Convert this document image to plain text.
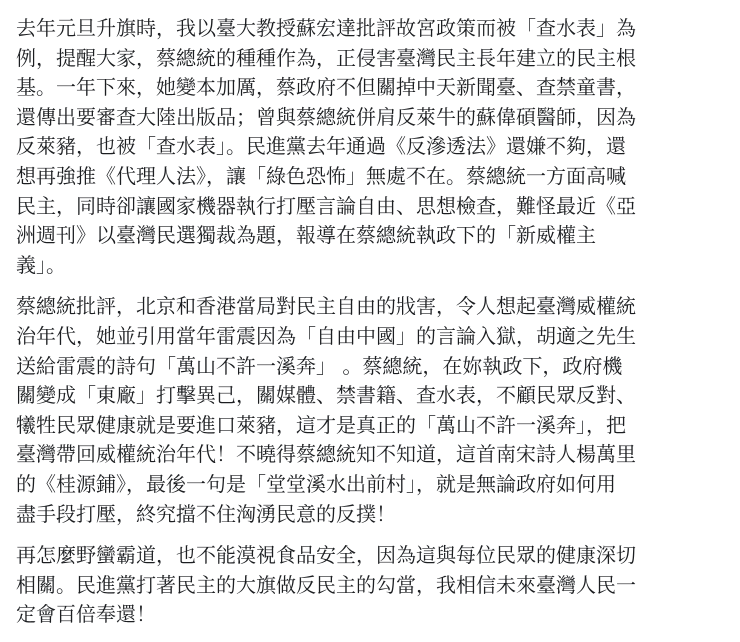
去年元旦升旗時，我以臺大教授蘇宏達批評故宮政策而被「查水表」為
例，提醒大家，蔡總統的種種作為，正侵害臺灣民主長年建立的民主根
基。一年下來，她變本加厲，蔡政府不但關掉中天新聞臺、查禁童書，
還傳出要審查大陸出版品；曾與蔡總統併肩反萊牛的蘇偉碩醫師，因為
反萊豬，也被「查水表」。民進黨去年通過《反滲透法》還嫌不夠，還
想再強推《代理人法》，讓「綠色恐怖」無處不在。蔡總統一方面高喊
民主，同時卻讓國家機器執行打壓言論自由、思想檢查，難怪最近《亞
洲週刊》以臺灣民選獨裁為題，報導在蔡總統執政下的「新威權主
義」。
蔡總統批評，北京和香港當局對民主自由的戕害，令人想起臺灣威權統
治年代，她並引用當年雷震因為「自由中國」的言論入獄，胡適之先生
送給雷震的詩句「萬山不許一溪奔」 。蔡總統，在妳執政下，政府機
關變成「東廠」打擊異己，關媒體、禁書籍、查水表，不顧民眾反對、
犧牲民眾健康就是要進口萊豬，這才是真正的「萬山不許一溪奔」，把
臺灣帶回威權統治年代！不曉得蔡總統知不知道，這首南宋詩人楊萬里
的《桂源鋪》，最後一句是「堂堂溪水出前村」，就是無論政府如何用
盡手段打壓，終究擋不住洶湧民意的反撲！
再怎麼野蠻霸道，也不能漠視食品安全，因為這與每位民眾的健康深切
相關。民進黨打著民主的大旗做反民主的勾當，我相信未來臺灣人民一
定會百倍奉還！
